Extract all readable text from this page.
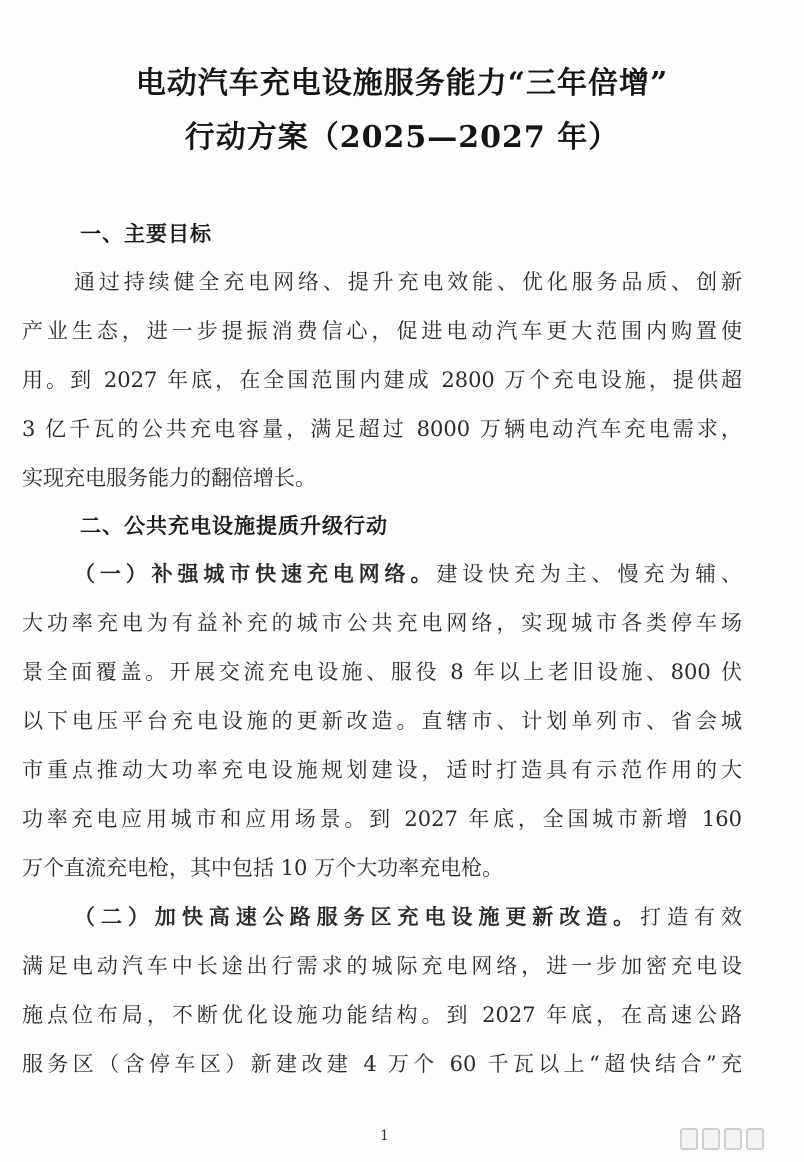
电动汽车充电设施服务能力“三年倍增”
行动方案（2025—2027 年）
一、主要目标
通过持续健全充电网络、提升充电效能、优化服务品质、创新
产业生态，进一步提振消费信心，促进电动汽车更大范围内购置使
用。到 2027 年底，在全国范围内建成 2800 万个充电设施，提供超
3 亿千瓦的公共充电容量，满足超过 8000 万辆电动汽车充电需求，
实现充电服务能力的翻倍增长。
二、公共充电设施提质升级行动
（一）补强城市快速充电网络。建设快充为主、慢充为辅、
大功率充电为有益补充的城市公共充电网络，实现城市各类停车场
景全面覆盖。开展交流充电设施、服役 8 年以上老旧设施、800 伏
以下电压平台充电设施的更新改造。直辖市、计划单列市、省会城
市重点推动大功率充电设施规划建设，适时打造具有示范作用的大
功率充电应用城市和应用场景。到 2027 年底，全国城市新增 160
万个直流充电枪，其中包括 10 万个大功率充电枪。
（二）加快高速公路服务区充电设施更新改造。打造有效
满足电动汽车中长途出行需求的城际充电网络，进一步加密充电设
施点位布局，不断优化设施功能结构。到 2027 年底，在高速公路
服务区（含停车区）新建改建 4 万个 60 千瓦以上“超快结合”充
1
